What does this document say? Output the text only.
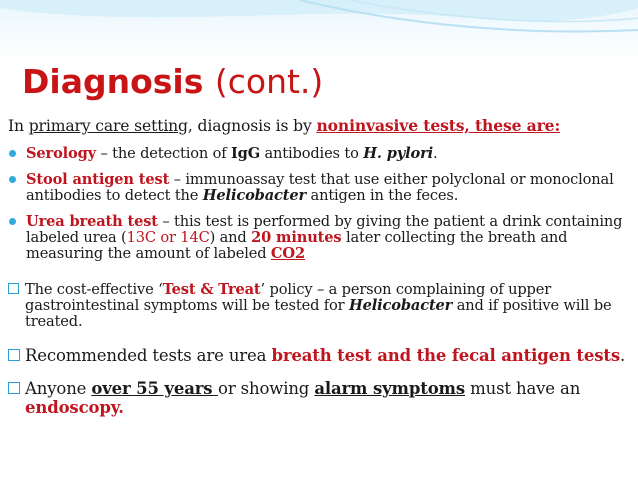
Diagnosis (cont.)

In primary care setting, diagnosis is by noninvasive tests, these are:

Serology – the detection of IgG antibodies to H. pylori.
Stool antigen test – immunoassay test that use either polyclonal or monoclonal antibodies to detect the Helicobacter antigen in the feces.
Urea breath test – this test is performed by giving the patient a drink containing labeled urea (13C or 14C) and 20 minutes later collecting the breath and measuring the amount of labeled CO2
The cost-effective ‘Test & Treat’ policy – a person complaining of upper gastrointestinal symptoms will be tested for Helicobacter and if positive will be treated.
Recommended tests are urea breath test and the fecal antigen tests.
Anyone over 55 years or showing alarm symptoms must have an endoscopy.
